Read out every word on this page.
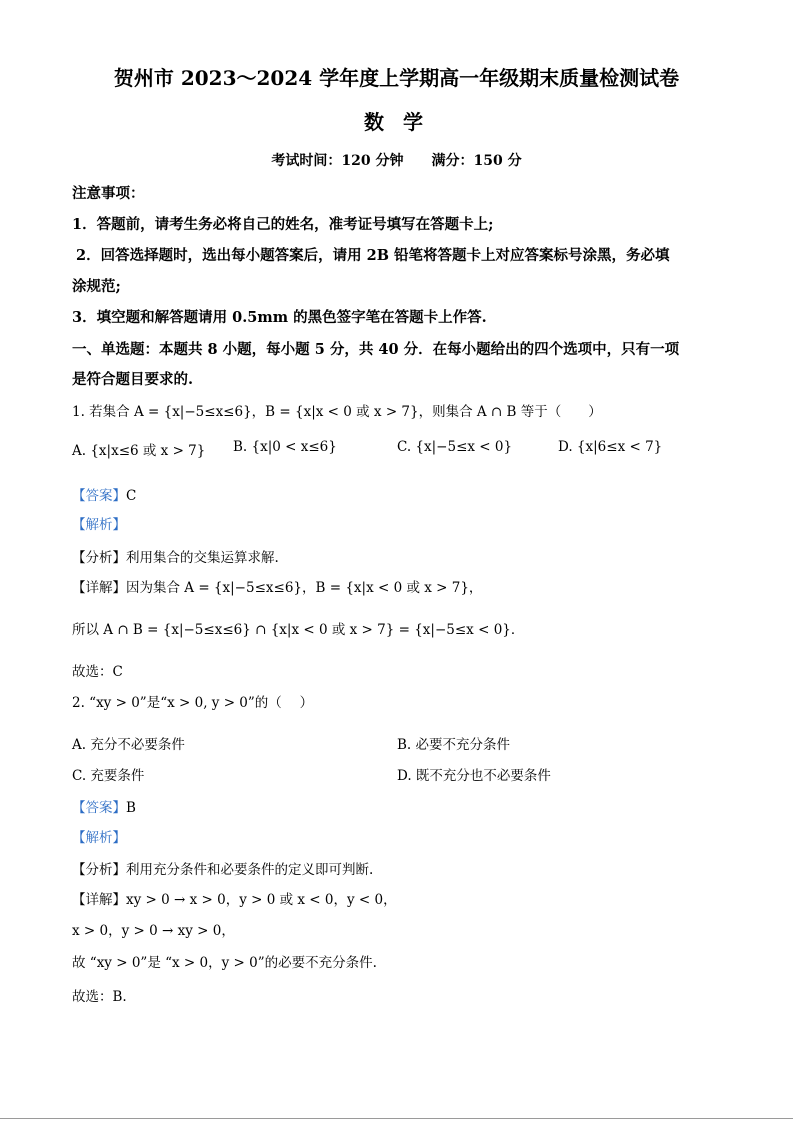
贺州市 2023～2024 学年度上学期高一年级期末质量检测试卷
数 学
考试时间：120 分钟　　满分：150 分
注意事项：
1．答题前，请考生务必将自己的姓名，准考证号填写在答题卡上;
2．回答选择题时，选出每小题答案后，请用 2B 铅笔将答题卡上对应答案标号涂黑，务必填
涂规范;
3．填空题和解答题请用 0.5mm 的黑色签字笔在答题卡上作答.
一、单选题：本题共 8 小题，每小题 5 分，共 40 分．在每小题给出的四个选项中，只有一项
是符合题目要求的.
1. 若集合 A = {x|−5≤x≤6}，B = {x|x < 0 或 x > 7}，则集合 A ∩ B 等于（　　）
A. {x|x≤6 或 x > 7} B. {x|0 < x≤6}	C. {x|−5≤x < 0}	D. {x|6≤x < 7}
【答案】C
【解析】
【分析】利用集合的交集运算求解.
【详解】因为集合 A = {x|−5≤x≤6}，B = {x|x < 0 或 x > 7}，
所以 A ∩ B = {x|−5≤x≤6} ∩ {x|x < 0 或 x > 7} = {x|−5≤x < 0}．
故选：C
2. “xy > 0”是“x > 0, y > 0”的（　 ）
A. 充分不必要条件	B. 必要不充分条件
C. 充要条件	D. 既不充分也不必要条件
【答案】B
【解析】
【分析】利用充分条件和必要条件的定义即可判断.
【详解】xy > 0 → x > 0，y > 0 或 x < 0，y < 0，
x > 0，y > 0 → xy > 0，
故 “xy > 0”是 “x > 0，y > 0”的必要不充分条件.
故选：B.
